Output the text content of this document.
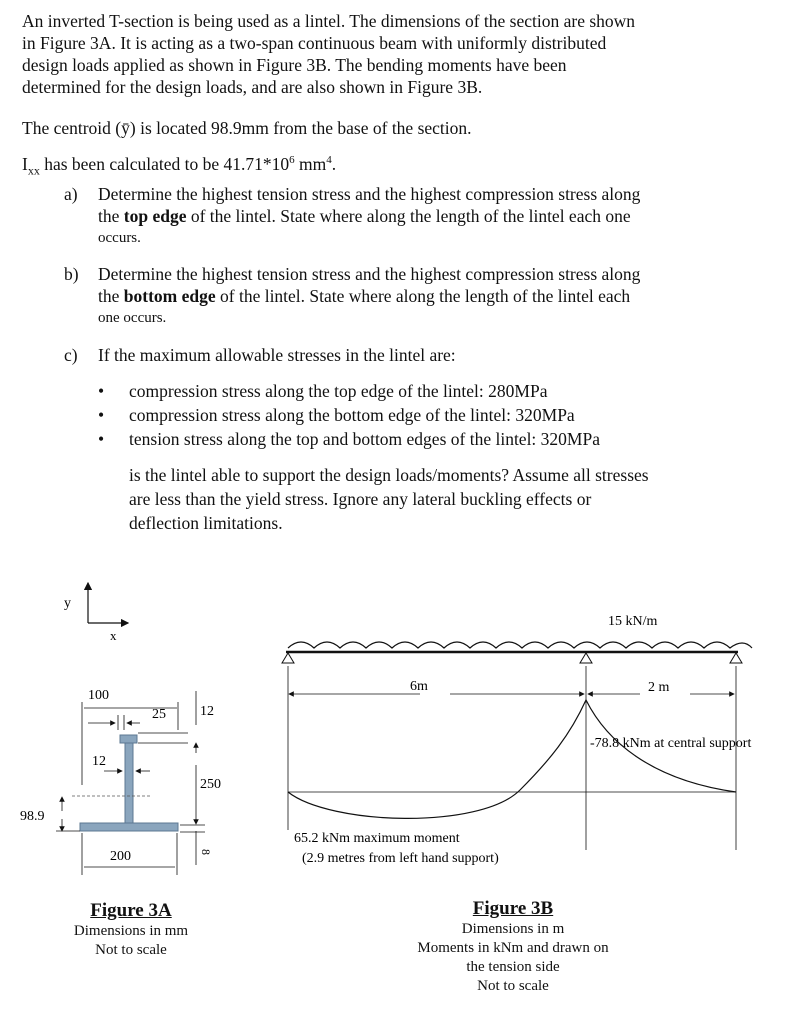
An inverted T-section is being used as a lintel. The dimensions of the section are shown
in Figure 3A. It is acting as a two-span continuous beam with uniformly distributed
design loads applied as shown in Figure 3B. The bending moments have been
determined for the design loads, and are also shown in Figure 3B.
The centroid (ȳ) is located 98.9mm from the base of the section.
$I_{xx}$ has been calculated to be $41.71*10^6$ $mm^4$.
a) Determine the highest tension stress and the highest compression stress along
the top edge of the lintel. State where along the length of the lintel each one
occurs.
b) Determine the highest tension stress and the highest compression stress along
the bottom edge of the lintel. State where along the length of the lintel each
one occurs.
c) If the maximum allowable stresses in the lintel are:
• compression stress along the top edge of the lintel: 280MPa
• compression stress along the bottom edge of the lintel: 320MPa
• tension stress along the top and bottom edges of the lintel: 320MPa
is the lintel able to support the design loads/moments? Assume all stresses
are less than the yield stress. Ignore any lateral buckling effects or
deflection limitations.
y
x
100
25 12
12
250
98.9
200	8
Figure 3A
Dimensions in mm
Not to scale
15 kN/m
6m	2 m
-78.8 kNm at central support
65.2 kNm maximum moment
(2.9 metres from left hand support)
Figure 3B
Dimensions in m
Moments in kNm and drawn on
the tension side
Not to scale
